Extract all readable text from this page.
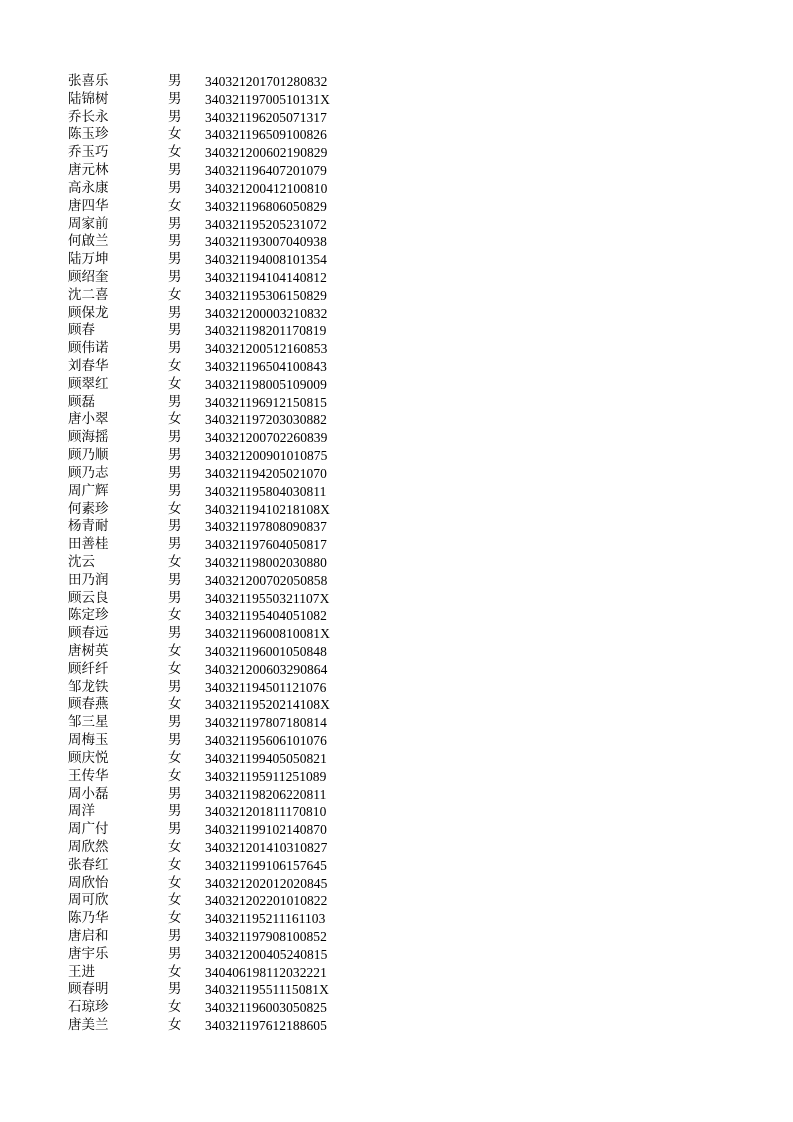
张喜乐	男 340321201701280832
陆锦树	男 34032119700510131X
乔长永	男 340321196205071317
陈玉珍	女 340321196509100826
乔玉巧	女 340321200602190829
唐元林	男 340321196407201079
高永康	男 340321200412100810
唐四华	女 340321196806050829
周家前	男 340321195205231072
何啟兰	男 340321193007040938
陆万坤	男 340321194008101354
顾绍奎	男 340321194104140812
沈二喜	女 340321195306150829
顾保龙	男 340321200003210832
顾春	男 340321198201170819
顾伟诺	男 340321200512160853
刘春华	女 340321196504100843
顾翠红	女 340321198005109009
顾磊	男 340321196912150815
唐小翠	女 340321197203030882
顾海摇	男 340321200702260839
顾乃顺	男 340321200901010875
顾乃志	男 340321194205021070
周广辉	男 340321195804030811
何素珍	女 34032119410218108X
杨青耐	男 340321197808090837
田善桂	男 340321197604050817
沈云	女 340321198002030880
田乃润	男 340321200702050858
顾云良	男 34032119550321107X
陈定珍	女 340321195404051082
顾春远	男 34032119600810081X
唐树英	女 340321196001050848
顾纤纤	女 340321200603290864
邹龙铁	男 340321194501121076
顾春燕	女 34032119520214108X
邹三星	男 340321197807180814
周梅玉	男 340321195606101076
顾庆悦	女 340321199405050821
王传华	女 340321195911251089
周小磊	男 340321198206220811
周洋	男 340321201811170810
周广付	男 340321199102140870
周欣然	女 340321201410310827
张春红	女 340321199106157645
周欣怡	女 340321202012020845
周可欣	女 340321202201010822
陈乃华	女 340321195211161103
唐启和	男 340321197908100852
唐宇乐	男 340321200405240815
王进	女 340406198112032221
顾春明	男 34032119551115081X
石琼珍	女 340321196003050825
唐美兰	女 340321197612188605
